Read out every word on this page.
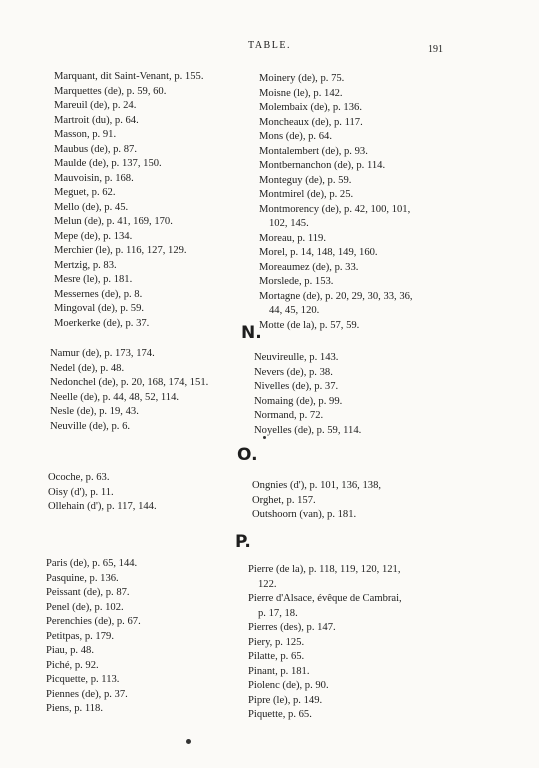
TABLE.	191
Marquant, dit Saint-Venant, p. 155.
Marquettes (de), p. 59, 60.
Mareuil (de), p. 24.
Martroit (du), p. 64.
Masson, p. 91.
Maubus (de), p. 87.
Maulde (de), p. 137, 150.
Mauvoisin, p. 168.
Meguet, p. 62.
Mello (de), p. 45.
Melun (de), p. 41, 169, 170.
Mepe (de), p. 134.
Merchier (le), p. 116, 127, 129.
Mertzig, p. 83.
Mesre (le), p. 181.
Messernes (de), p. 8.
Mingoval (de), p. 59.
Moerkerke (de), p. 37.
Moinery (de), p. 75.
Moisne (le), p. 142.
Molembaix (de), p. 136.
Moncheaux (de), p. 117.
Mons (de), p. 64.
Montalembert (de), p. 93.
Montbernanchon (de), p. 114.
Monteguy (de), p. 59.
Montmirel (de), p. 25.
Montmorency (de), p. 42, 100, 101,
102, 145.
Moreau, p. 119.
Morel, p. 14, 148, 149, 160.
Moreaumez (de), p. 33.
Morslede, p. 153.
Mortagne (de), p. 20, 29, 30, 33, 36,
44, 45, 120.
Motte (de la), p. 57, 59.
N.
Namur (de), p. 173, 174.
Nedel (de), p. 48.
Nedonchel (de), p. 20, 168, 174, 151.
Neelle (de), p. 44, 48, 52, 114.
Nesle (de), p. 19, 43.
Neuville (de), p. 6.
Neuvireulle, p. 143.
Nevers (de), p. 38.
Nivelles (de), p. 37.
Nomaing (de), p. 99.
Normand, p. 72.
Noyelles (de), p. 59, 114.
O.
Ocoche, p. 63.
Oisy (d'), p. 11.
Ollehain (d'), p. 117, 144.
Ongnies (d'), p. 101, 136, 138,
Orghet, p. 157.
Outshoorn (van), p. 181.
P.
Paris (de), p. 65, 144.
Pasquine, p. 136.
Peissant (de), p. 87.
Penel (de), p. 102.
Perenchies (de), p. 67.
Petitpas, p. 179.
Piau, p. 48.
Piché, p. 92.
Picquette, p. 113.
Piennes (de), p. 37.
Piens, p. 118.
Pierre (de la), p. 118, 119, 120, 121,
122.
Pierre d'Alsace, évêque de Cambrai,
p. 17, 18.
Pierres (des), p. 147.
Piery, p. 125.
Pilatte, p. 65.
Pinant, p. 181.
Piolenc (de), p. 90.
Pipre (le), p. 149.
Piquette, p. 65.
